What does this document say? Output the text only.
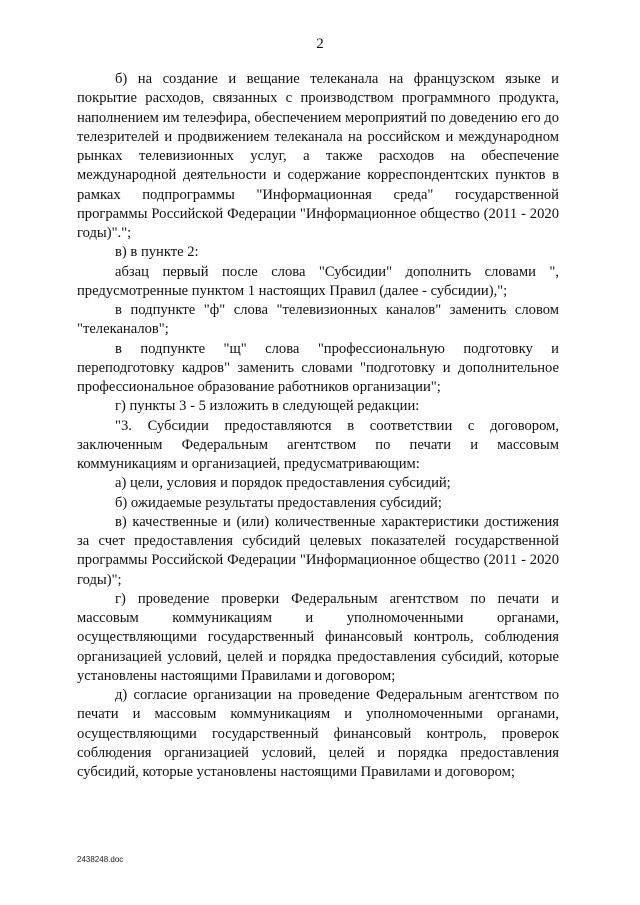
2

б) на создание и вещание телеканала на французском языке и покрытие расходов, связанных с производством программного продукта, наполнением им телеэфира, обеспечением мероприятий по доведению его до телезрителей и продвижением телеканала на российском и международном рынках телевизионных услуг, а также расходов на обеспечение международной деятельности и содержание корреспондентских пунктов в рамках подпрограммы "Информационная среда" государственной программы Российской Федерации "Информационное общество (2011 - 2020 годы)".";

в) в пункте 2:

абзац первый после слова "Субсидии" дополнить словами ", предусмотренные пунктом 1 настоящих Правил (далее - субсидии),";

в подпункте "ф" слова "телевизионных каналов" заменить словом "телеканалов";

в подпункте "щ" слова "профессиональную подготовку и переподготовку кадров" заменить словами "подготовку и дополнительное профессиональное образование работников организации";

г) пункты 3 - 5 изложить в следующей редакции:

"3. Субсидии предоставляются в соответствии с договором, заключенным Федеральным агентством по печати и массовым коммуникациям и организацией, предусматривающим:

а) цели, условия и порядок предоставления субсидий;

б) ожидаемые результаты предоставления субсидий;

в) качественные и (или) количественные характеристики достижения за счет предоставления субсидий целевых показателей государственной программы Российской Федерации "Информационное общество (2011 - 2020 годы)";

г) проведение проверки Федеральным агентством по печати и массовым коммуникациям и уполномоченными органами, осуществляющими государственный финансовый контроль, соблюдения организацией условий, целей и порядка предоставления субсидий, которые установлены настоящими Правилами и договором;

д) согласие организации на проведение Федеральным агентством по печати и массовым коммуникациям и уполномоченными органами, осуществляющими государственный финансовый контроль, проверок соблюдения организацией условий, целей и порядка предоставления субсидий, которые установлены настоящими Правилами и договором;

2438248.doc
